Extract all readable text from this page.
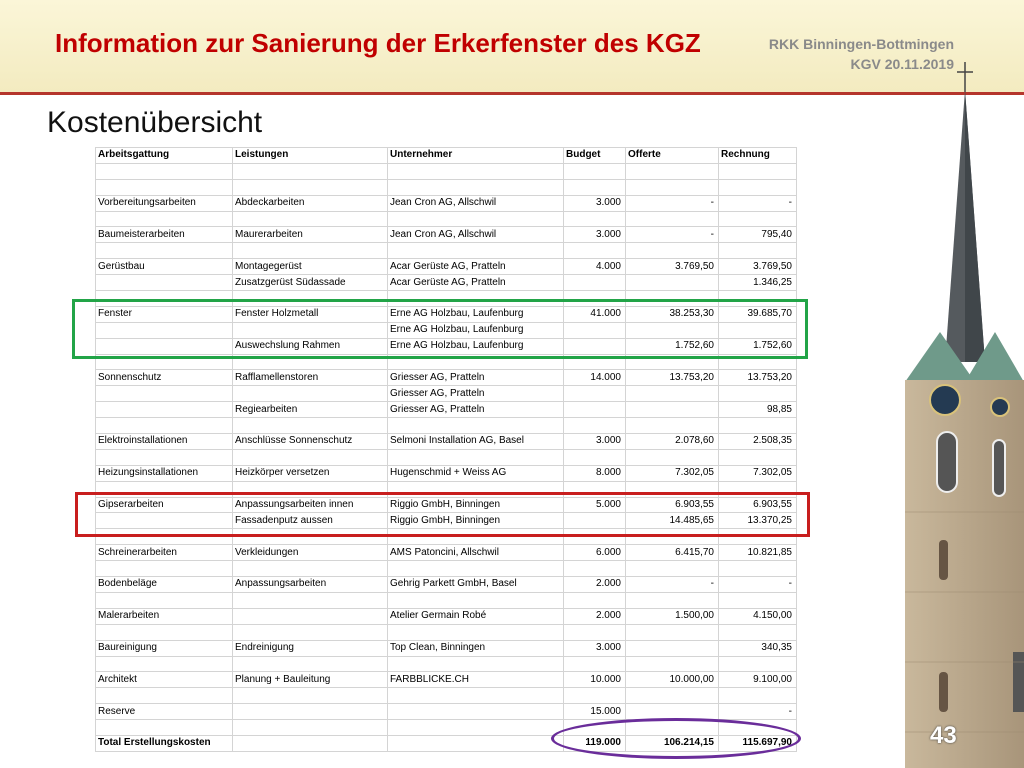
Information zur Sanierung der Erkerfenster des KGZ	RKK Binningen-Bottmingen
KGV 20.11.2019
Kostenübersicht
Arbeitsgattung	Leistungen	Unternehmer	Budget	Offerte	Rechnung

Vorbereitungsarbeiten	Abdeckarbeiten	Jean Cron AG, Allschwil	3.000	-	-

Baumeisterarbeiten	Maurerarbeiten	Jean Cron AG, Allschwil	3.000	-	795,40

Gerüstbau	Montagegerüst	Acar Gerüste AG, Pratteln	4.000	3.769,50	3.769,50
	Zusatzgerüst Südassade	Acar Gerüste AG, Pratteln			1.346,25

Fenster	Fenster Holzmetall	Erne AG Holzbau, Laufenburg	41.000	38.253,30	39.685,70
		Erne AG Holzbau, Laufenburg			
	Auswechslung Rahmen	Erne AG Holzbau, Laufenburg		1.752,60	1.752,60

Sonnenschutz	Rafflamellenstoren	Griesser AG, Pratteln	14.000	13.753,20	13.753,20
		Griesser AG, Pratteln			
	Regiearbeiten	Griesser AG, Pratteln			98,85

Elektroinstallationen	Anschlüsse Sonnenschutz	Selmoni Installation AG, Basel	3.000	2.078,60	2.508,35

Heizungsinstallationen	Heizkörper versetzen	Hugenschmid + Weiss AG	8.000	7.302,05	7.302,05

Gipserarbeiten	Anpassungsarbeiten innen	Riggio GmbH, Binningen	5.000	6.903,55	6.903,55
	Fassadenputz aussen	Riggio GmbH, Binningen		14.485,65	13.370,25

Schreinerarbeiten	Verkleidungen	AMS Patoncini, Allschwil	6.000	6.415,70	10.821,85

Bodenbeläge	Anpassungsarbeiten	Gehrig Parkett GmbH, Basel	2.000	-	-

Malerarbeiten		Atelier Germain Robé	2.000	1.500,00	4.150,00

Baureinigung	Endreinigung	Top Clean, Binningen	3.000		340,35

Architekt	Planung + Bauleitung	FARBBLICKE.CH	10.000	10.000,00	9.100,00

Reserve			15.000		-

Total Erstellungskosten			119.000	106.214,15	115.697,90	43
